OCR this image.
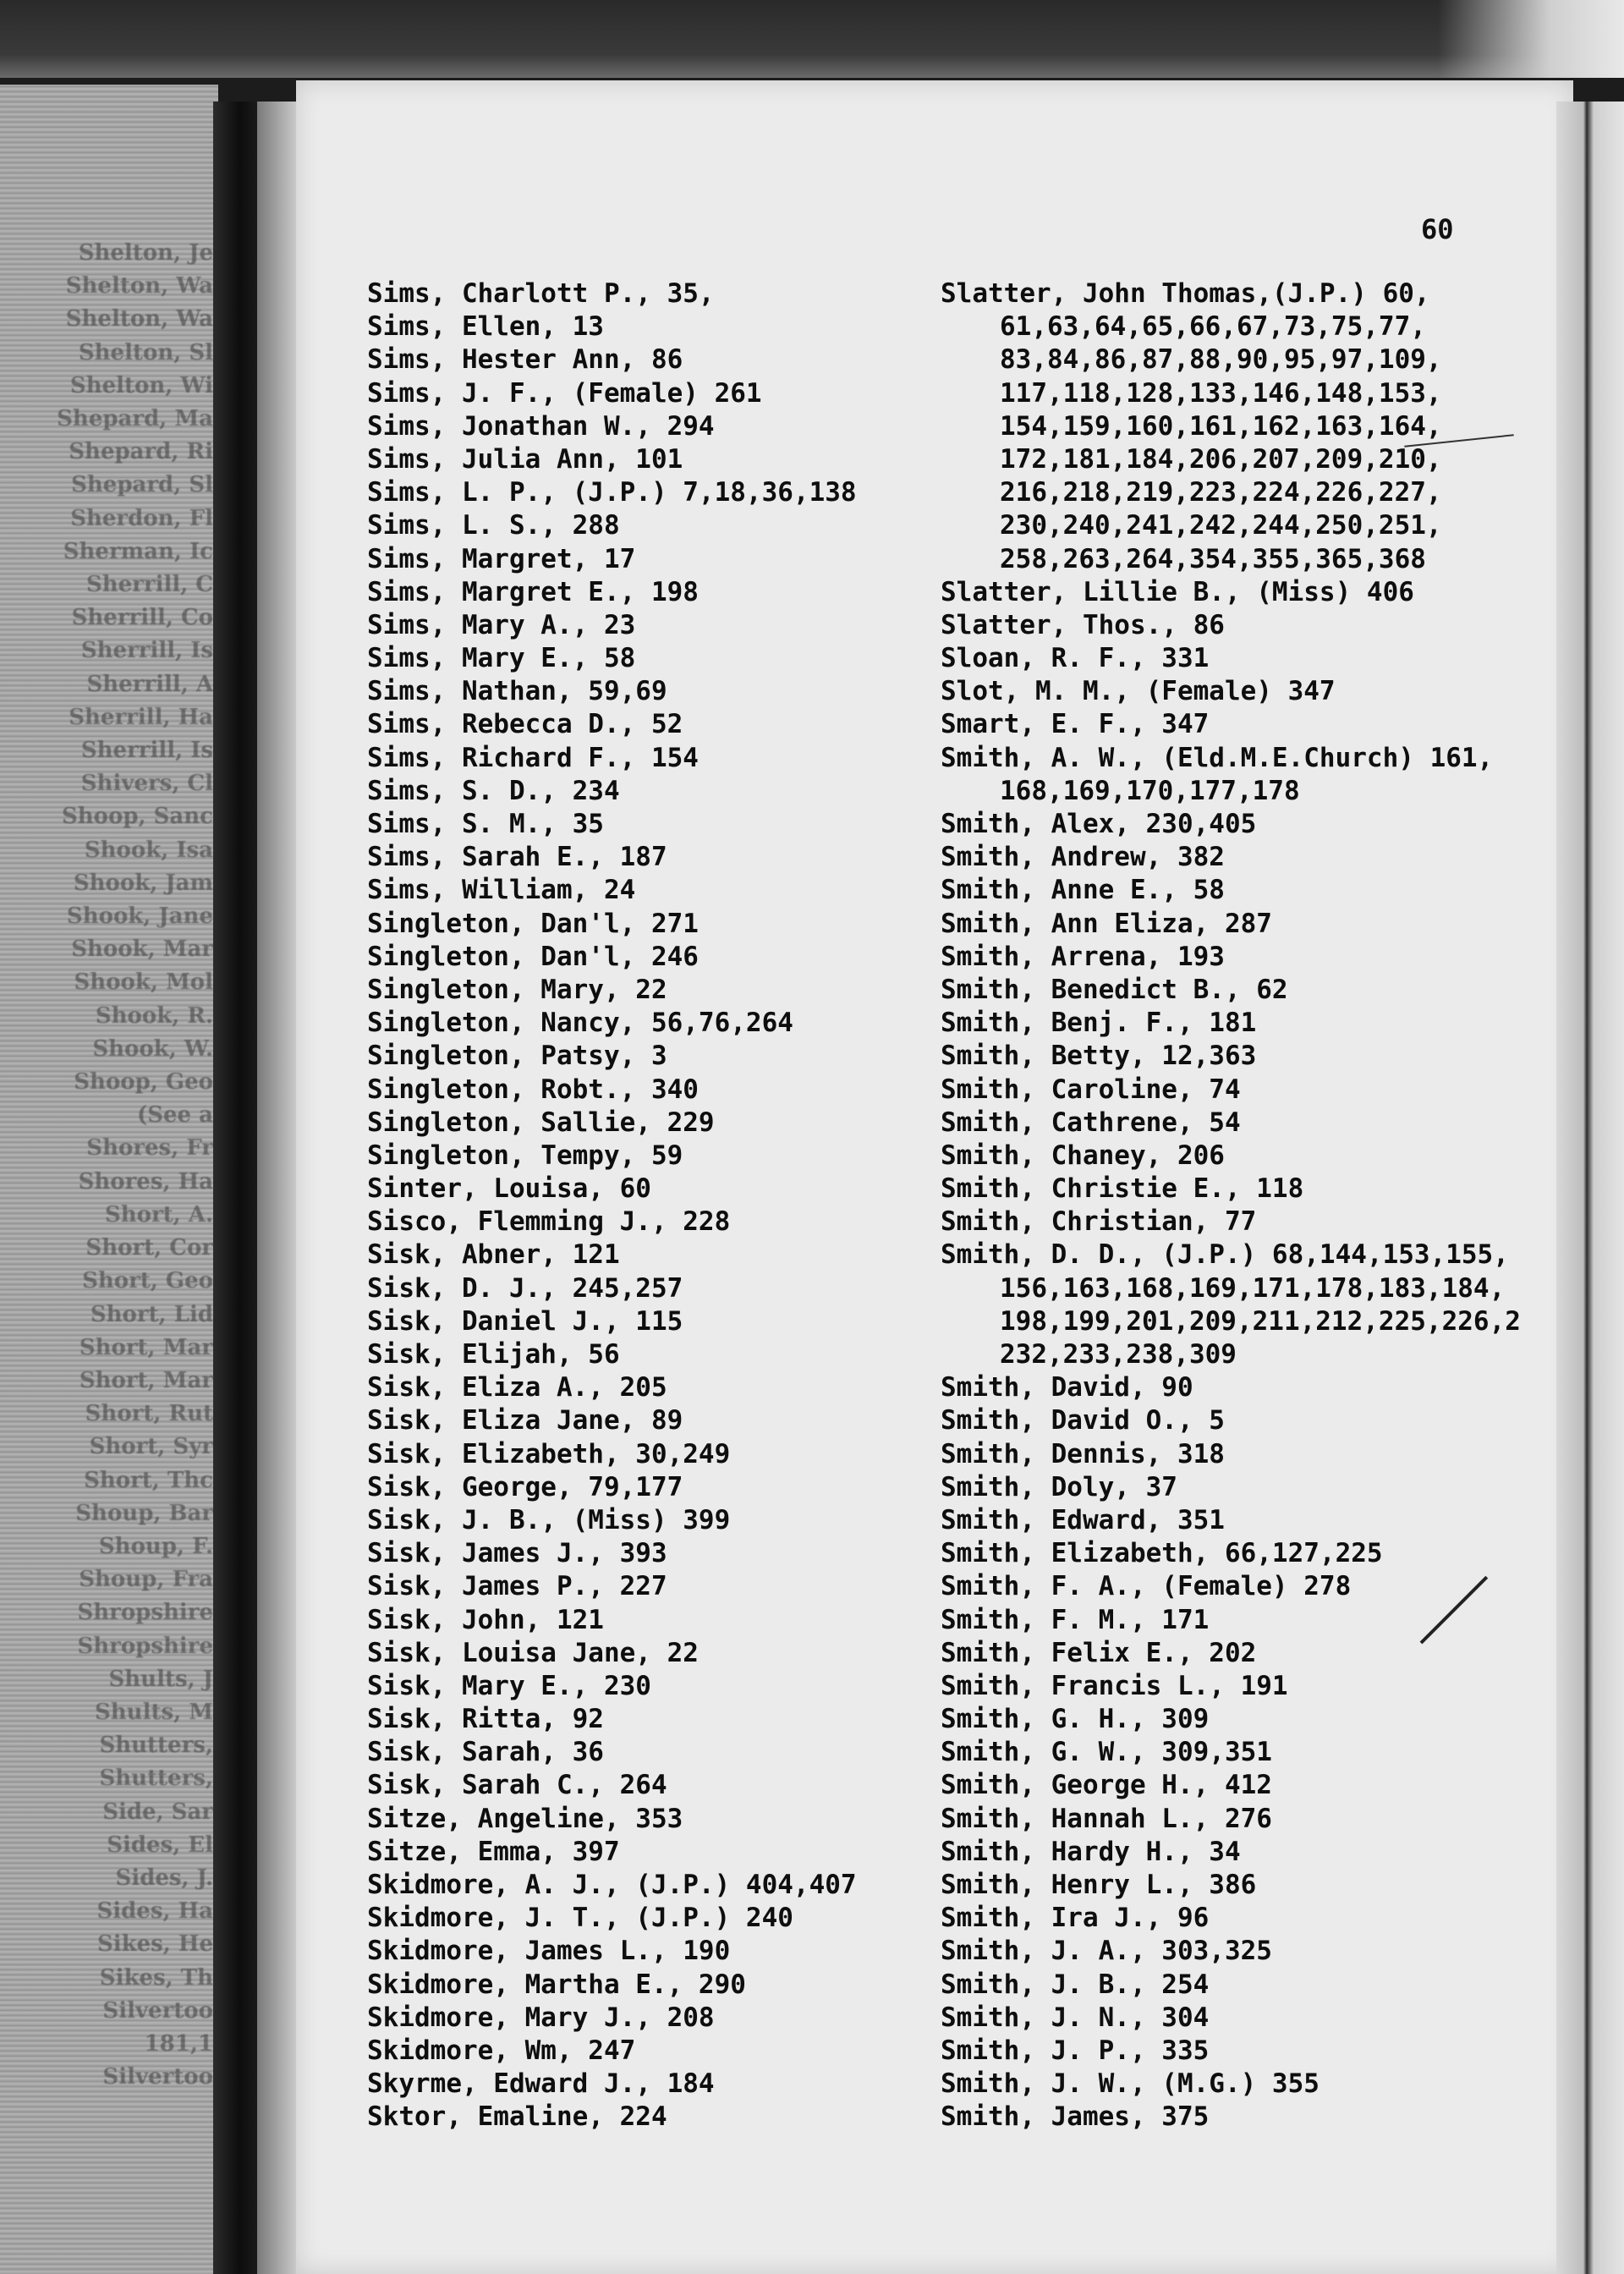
Shelton, Je
Shelton, Wa
Shelton, Wa
Shelton, Sl
Shelton, Wi
Shepard, Ma
Shepard, Ri
Shepard, Sl
Sherdon, Fl
Sherman, Ic
Sherrill, C
Sherrill, Co
Sherrill, Is
Sherrill, A
Sherrill, Ha
Sherrill, Is
Shivers, Cl
Shoop, Sanc
Shook, Isa
Shook, Jam
Shook, Jane
Shook, Mar
Shook, Mol
Shook, R.
Shook, W.
Shoop, Geo
(See a
Shores, Fr
Shores, Ha
Short, A.
Short, Cor
Short, Geo
Short, Lid
Short, Mar
Short, Mar
Short, Rut
Short, Syr
Short, Thc
Shoup, Bar
Shoup, F.
Shoup, Fra
Shropshire
Shropshire
Shults, J
Shults, M
Shutters,
Shutters,
Side, Sar
Sides, El
Sides, J.
Sides, Ha
Sikes, He
Sikes, Th
Silvertoo
181,1
Silvertoo
60
Sims, Charlott P., 35,
Sims, Ellen, 13
Sims, Hester Ann, 86
Sims, J. F., (Female) 261
Sims, Jonathan W., 294
Sims, Julia Ann, 101
Sims, L. P., (J.P.) 7,18,36,138
Sims, L. S., 288
Sims, Margret, 17
Sims, Margret E., 198
Sims, Mary A., 23
Sims, Mary E., 58
Sims, Nathan, 59,69
Sims, Rebecca D., 52
Sims, Richard F., 154
Sims, S. D., 234
Sims, S. M., 35
Sims, Sarah E., 187
Sims, William, 24
Singleton, Dan'l, 271
Singleton, Dan'l, 246
Singleton, Mary, 22
Singleton, Nancy, 56,76,264
Singleton, Patsy, 3
Singleton, Robt., 340
Singleton, Sallie, 229
Singleton, Tempy, 59
Sinter, Louisa, 60
Sisco, Flemming J., 228
Sisk, Abner, 121
Sisk, D. J., 245,257
Sisk, Daniel J., 115
Sisk, Elijah, 56
Sisk, Eliza A., 205
Sisk, Eliza Jane, 89
Sisk, Elizabeth, 30,249
Sisk, George, 79,177
Sisk, J. B., (Miss) 399
Sisk, James J., 393
Sisk, James P., 227
Sisk, John, 121
Sisk, Louisa Jane, 22
Sisk, Mary E., 230
Sisk, Ritta, 92
Sisk, Sarah, 36
Sisk, Sarah C., 264
Sitze, Angeline, 353
Sitze, Emma, 397
Skidmore, A. J., (J.P.) 404,407
Skidmore, J. T., (J.P.) 240
Skidmore, James L., 190
Skidmore, Martha E., 290
Skidmore, Mary J., 208
Skidmore, Wm, 247
Skyrme, Edward J., 184
Sktor, Emaline, 224
Slatter, John Thomas,(J.P.) 60,
61,63,64,65,66,67,73,75,77,
83,84,86,87,88,90,95,97,109,
117,118,128,133,146,148,153,
154,159,160,161,162,163,164,
172,181,184,206,207,209,210,
216,218,219,223,224,226,227,
230,240,241,242,244,250,251,
258,263,264,354,355,365,368
Slatter, Lillie B., (Miss) 406
Slatter, Thos., 86
Sloan, R. F., 331
Slot, M. M., (Female) 347
Smart, E. F., 347
Smith, A. W., (Eld.M.E.Church) 161,
168,169,170,177,178
Smith, Alex, 230,405
Smith, Andrew, 382
Smith, Anne E., 58
Smith, Ann Eliza, 287
Smith, Arrena, 193
Smith, Benedict B., 62
Smith, Benj. F., 181
Smith, Betty, 12,363
Smith, Caroline, 74
Smith, Cathrene, 54
Smith, Chaney, 206
Smith, Christie E., 118
Smith, Christian, 77
Smith, D. D., (J.P.) 68,144,153,155,
156,163,168,169,171,178,183,184,
198,199,201,209,211,212,225,226,2
232,233,238,309
Smith, David, 90
Smith, David O., 5
Smith, Dennis, 318
Smith, Doly, 37
Smith, Edward, 351
Smith, Elizabeth, 66,127,225
Smith, F. A., (Female) 278
Smith, F. M., 171
Smith, Felix E., 202
Smith, Francis L., 191
Smith, G. H., 309
Smith, G. W., 309,351
Smith, George H., 412
Smith, Hannah L., 276
Smith, Hardy H., 34
Smith, Henry L., 386
Smith, Ira J., 96
Smith, J. A., 303,325
Smith, J. B., 254
Smith, J. N., 304
Smith, J. P., 335
Smith, J. W., (M.G.) 355
Smith, James, 375
